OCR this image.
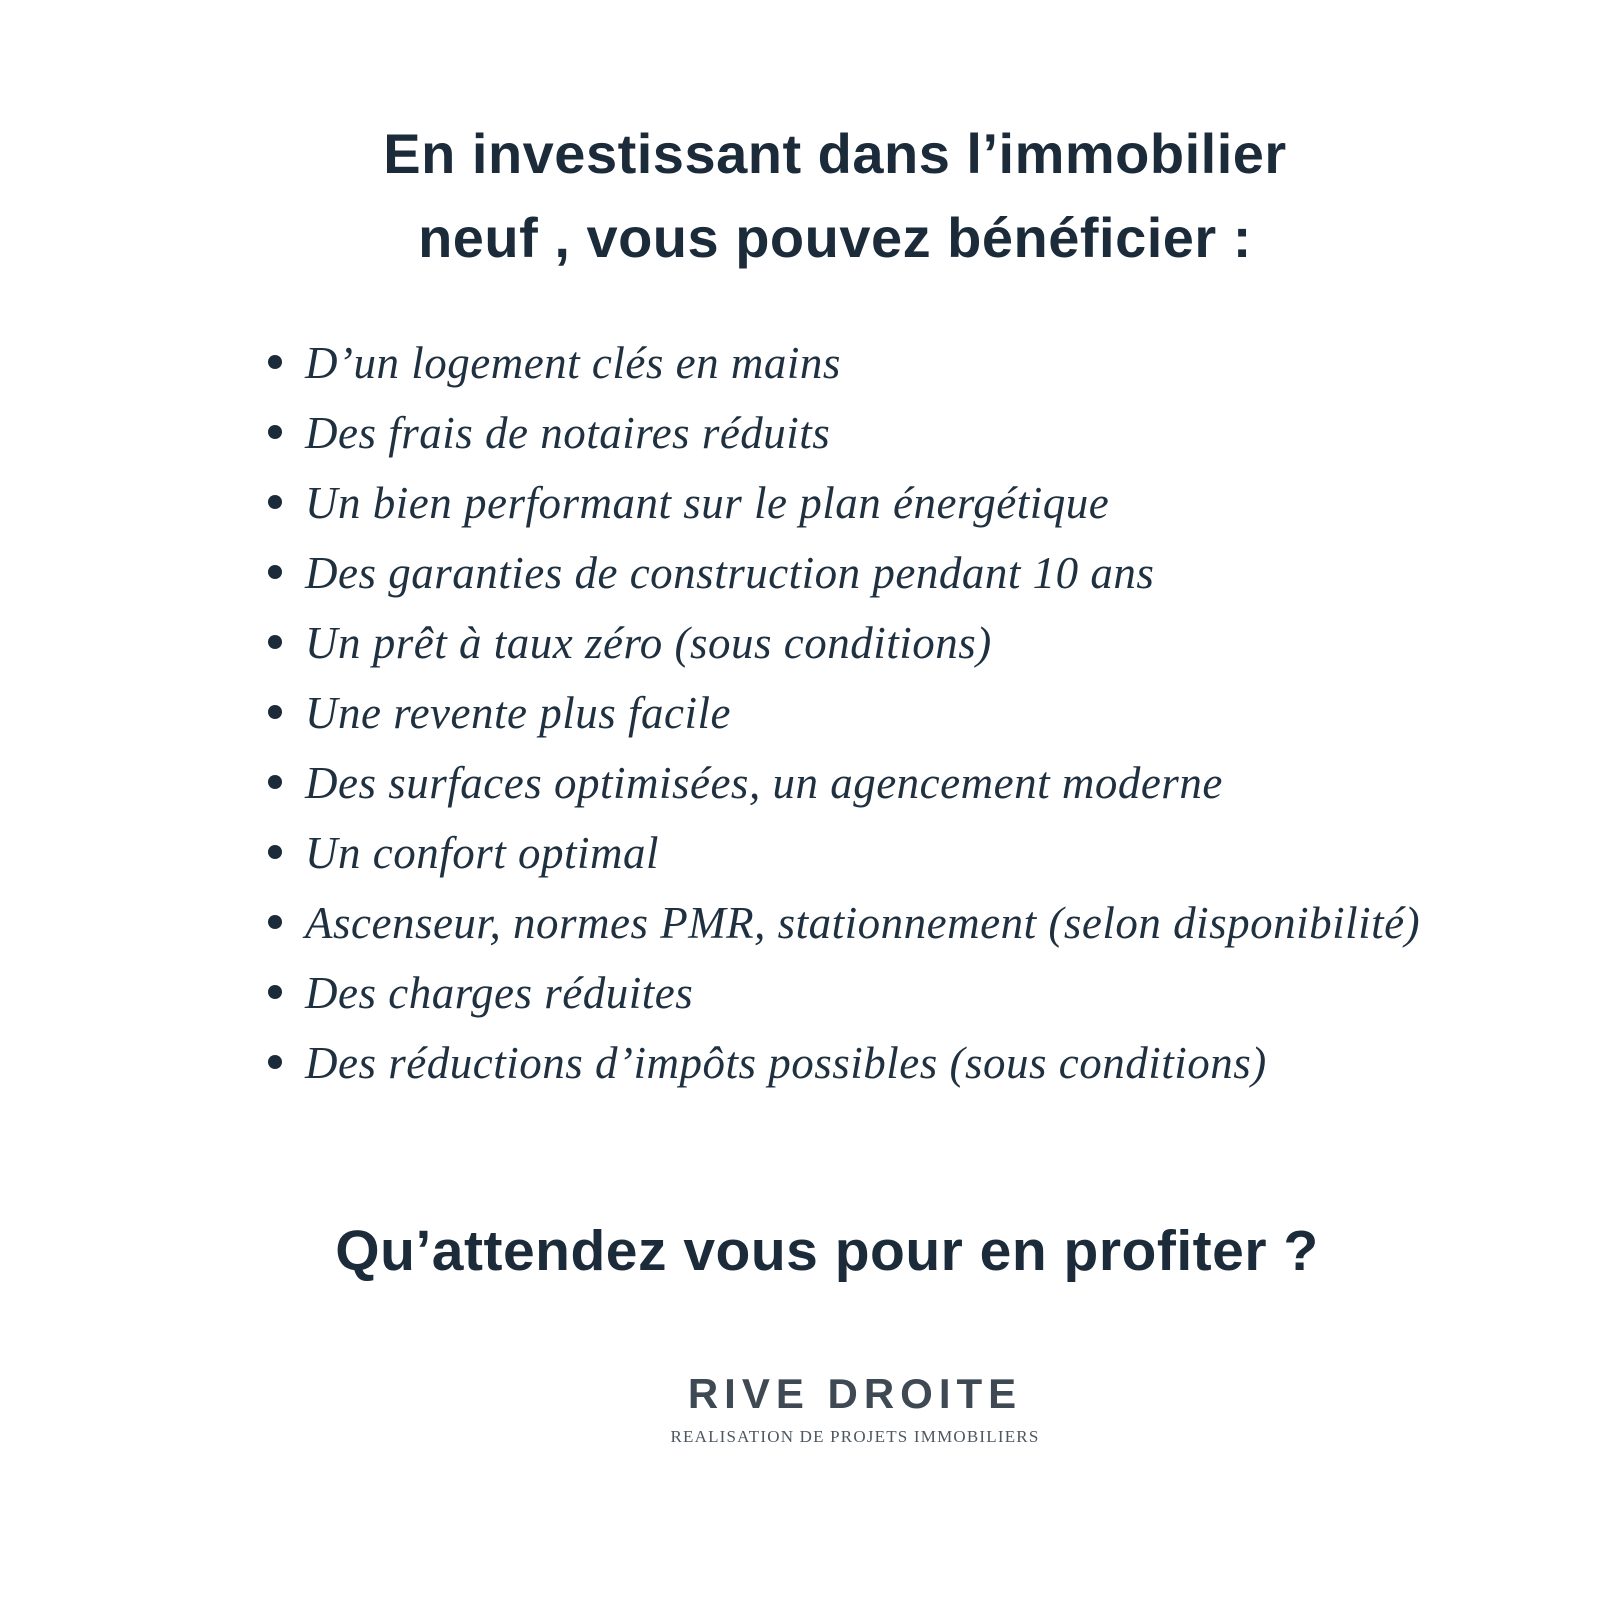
En investissant dans l’immobilier
neuf , vous pouvez bénéficier :
D’un logement clés en mains
Des frais de notaires réduits
Un bien performant sur le plan énergétique
Des garanties de construction pendant 10 ans
Un prêt à taux zéro (sous conditions)
Une revente plus facile
Des surfaces optimisées, un agencement moderne
Un confort optimal
Ascenseur, normes PMR, stationnement (selon disponibilité)
Des charges réduites
Des réductions d’impôts possibles (sous conditions)
Qu’attendez vous pour en profiter ?
RIVE DROITE
REALISATION DE PROJETS IMMOBILIERS
